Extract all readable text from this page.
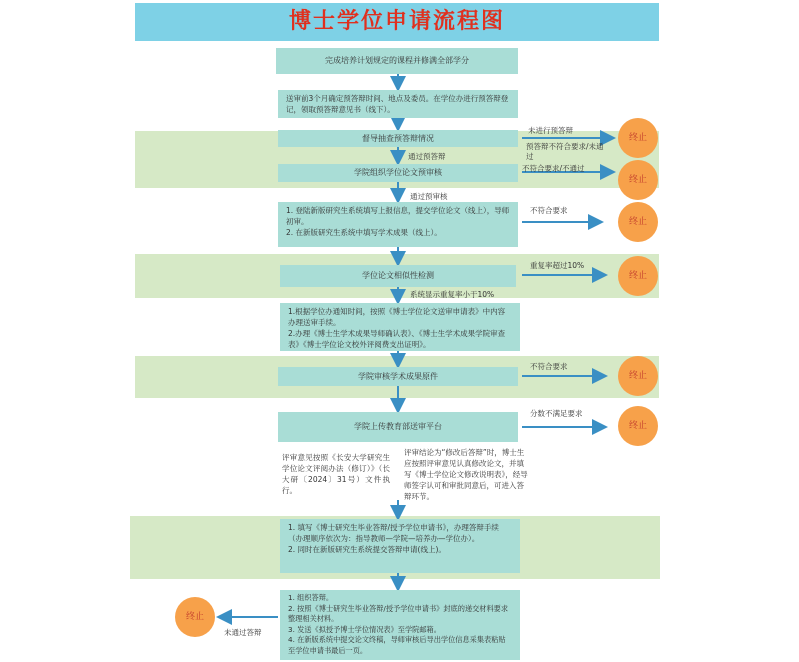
博士学位申请流程图
完成培养计划规定的课程并修满全部学分
送审前3个月确定预答辩时间、地点及委员。在学位办进行预答辩登记，领取预答辩意见书（线下）。
督导抽查预答辩情况
学院组织学位论文预审核
1. 登陆新版研究生系统填写上报信息，提交学位论文（线上），导师初审。
2. 在新版研究生系统中填写学术成果（线上）。
学位论文相似性检测
1.根据学位办通知时间，按照《博士学位论文送审申请表》中内容办理送审手续。
2.办理《博士生学术成果导师确认表》、《博士生学术成果学院审查表》《博士学位论文校外评阅费支出证明》。
学院审核学术成果原件
学院上传教育部送审平台
评审意见按照《长安大学研究生学位论文评阅办法（修订）》（长大研〔2024〕31号）文件执行。
评审结论为“修改后答辩”时，博士生应按照评审意见认真修改论文，并填写《博士学位论文修改说明表》，经导师签字认可和审批同意后，可进入答辩环节。
1. 填写《博士研究生毕业答辩/授予学位申请书》，办理答辩手续（办理顺序依次为：指导教师—学院—培养办—学位办）。
2. 同时在新版研究生系统提交答辩申请(线上)。
1. 组织答辩。
2. 按照《博士研究生毕业答辩/授予学位申请书》封底的递交材料要求整理相关材料。
3. 发送《拟授予博士学位情况表》至学院邮箱。
4. 在新版系统中提交论文终稿，导师审核后导出学位信息采集表粘贴至学位申请书最后一页。
未进行预答辩
预答辩不符合要求/未通过
通过预答辩
不符合要求/不通过
通过预审核
不符合要求
重复率超过10%
系统显示重复率小于10%
不符合要求
分数不满足要求
未通过答辩
终止
终止
终止
终止
终止
终止
终止
